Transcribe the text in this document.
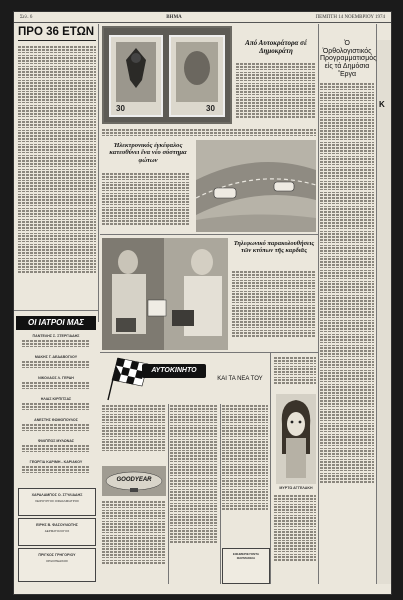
Σελ. 6	ΒΗΜΑ	ΠΕΜΠΤΗ 14 ΝΟΕΜΒΡΙΟΥ 1974
ΠΡΟ 36 ΕΤΩΝ
30	30
Από Αυτοκράτορα σέ Δημοκράτη
Ἠλεκτρονικός ἐγκέφαλος κατευθύνει ἕνα νέο σύστημα φώτων
Τηλεφωνικό παρακολουθήσεις τῶν κτύπων τῆς καρδιᾶς
Ὁ Ὀρθολογιστικός Προγραμματισμός εἰς τά Δημόσια Ἔργα
K
ΟΙ ΙΑΤΡΟΙ ΜΑΣ
ΠΑΝΤΕΛΗΣ Σ. ΣΤΕΡΓΙΑΔΗΣ
ΜΑΚΗΣ Γ. ΔΕΔΑΒΟΓΛΟΥ
ΝΙΚΟΛΑΟΣ Λ. ΓΕΡΔΗ
ΗΛΙΑΣ ΚΙΡΠΙΤΣΑΣ
ΑΝΕΣΤΗΣ ΘΩΜΟΠΟΥΛΟΣ
ΦΙΛΙΠΠΟΣ ΜΥΛΩΝΑΣ
ΓΕΩΡΓΙΑ ΚΑΡΙΜΗ - ΚΑΡΙΑΚΟΥ
ΧΑΡΑΛΑΜΠΟΣ Ο. ΣΤΥΛΙΑΔΗΣ
ΧΕΙΡΟΥΡΓΟΣ ΟΦΘΑΛΜΙΑΤΡΟΣ
ΕΙΡΗΣ Β. ΦΑΣΟΥΛΙΩΤΗΣ
ΔΕΡΜΑΤΟΛΟΓΟΣ
ΠΡΙΓΚΟΣ ΓΡΗΓΟΡΙΟΥ
ΟΡΘΟΠΕΔΙΚΟΣ
ΑΥΤΟΚΙΝΗΤΟ
ΚΑΙ ΤΑ ΝΕΑ ΤΟΥ
GOODYEAR
ΕΦΗΜΕΡΙΕΥΟΝΤΑ ΦΑΡΜΑΚΕΙΑ
ΜΥΡΤΩ ΑΓΓΕΛΑΚΗ
